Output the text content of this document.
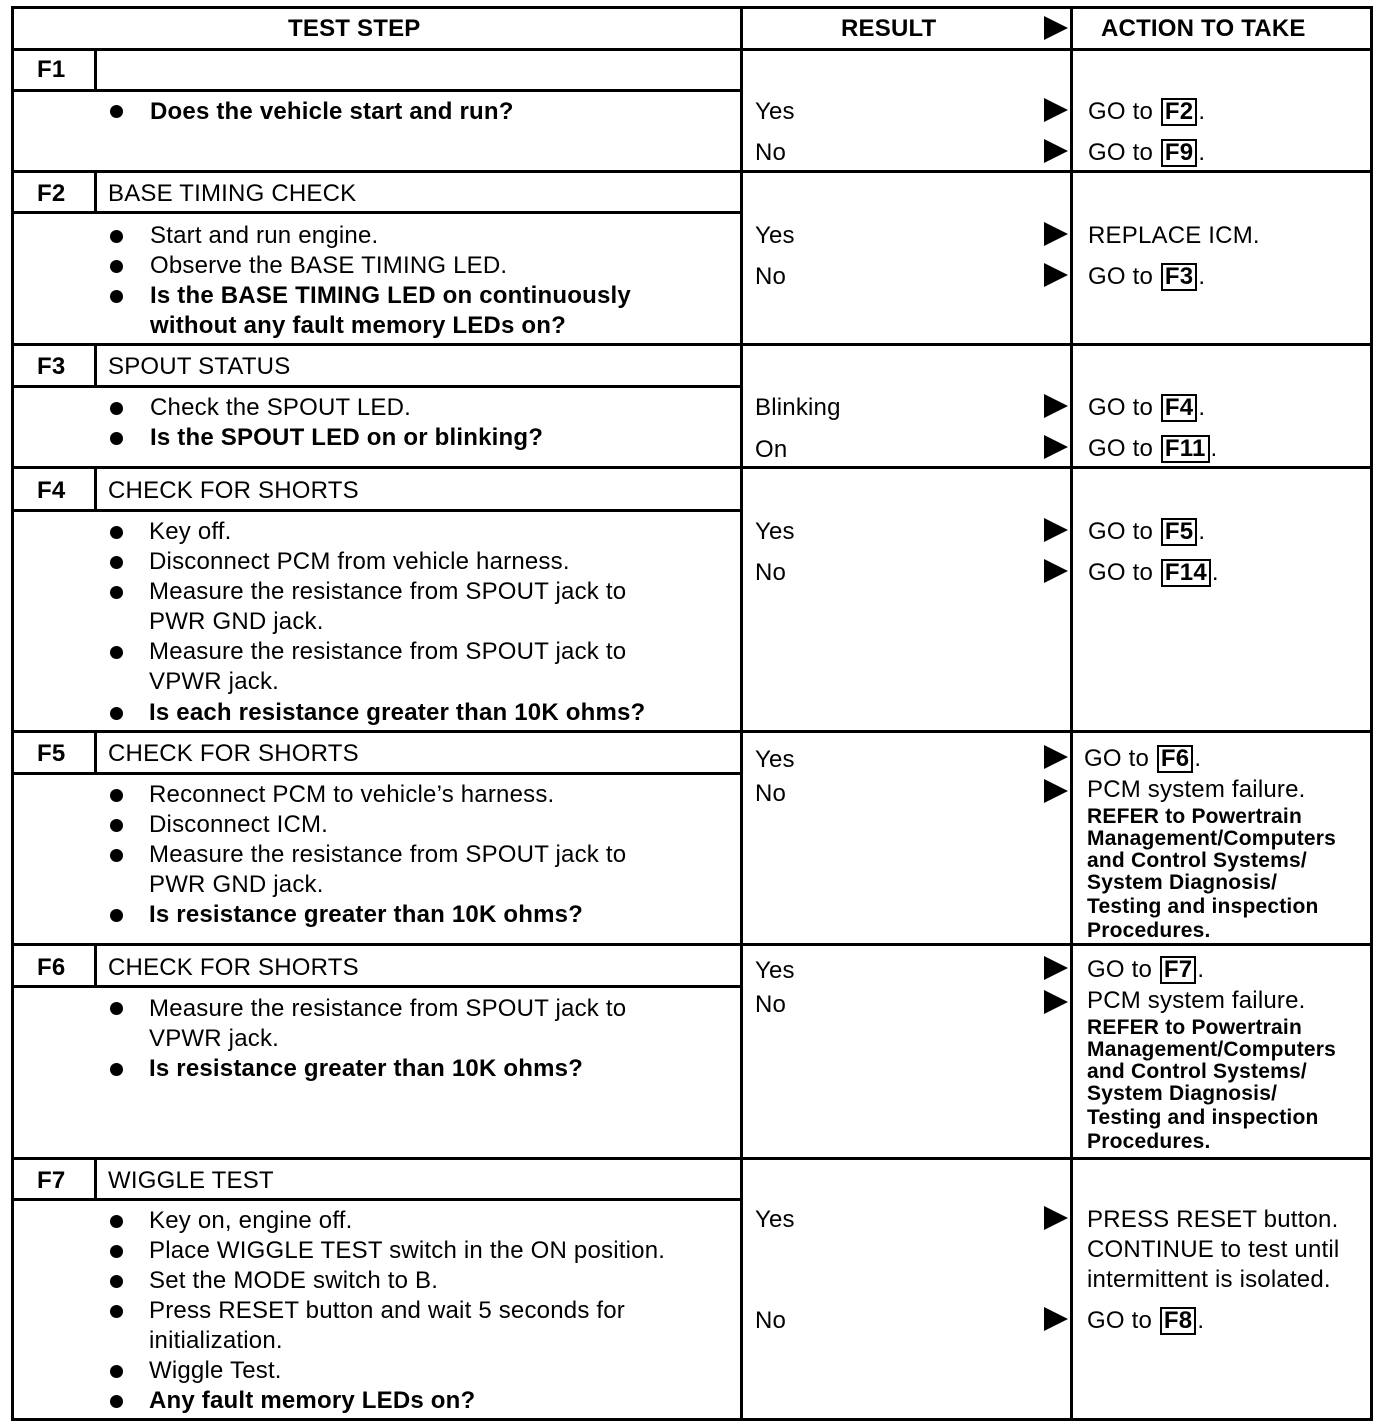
TEST STEP	RESULT	ACTION TO TAKE
F1
Does the vehicle start and run?	Yes	GO to F2 .
No	GO to F9 .
F2 BASE TIMING CHECK
Start and run engine.
Observe the BASE TIMING LED.
Is the BASE TIMING LED on continuously
without any fault memory LEDs on?
Yes	REPLACE ICM.
No	GO to F3 .
F3 SPOUT STATUS
Check the SPOUT LED.
Is the SPOUT LED on or blinking?
Blinking	GO to F4 .
On	GO to F11 .
F4 CHECK FOR SHORTS
Key off.
Disconnect PCM from vehicle harness.
Measure the resistance from SPOUT jack to
PWR GND jack.
Measure the resistance from SPOUT jack to
VPWR jack.
Is each resistance greater than 10K ohms?
Yes	GO to F5 .
No	GO to F14 .
F5 CHECK FOR SHORTS
Reconnect PCM to vehicle’s harness.
Disconnect ICM.
Measure the resistance from SPOUT jack to
PWR GND jack.
Is resistance greater than 10K ohms?
Yes	GO to F6 .
No	PCM system failure.
REFER to Powertrain
Management/Computers
and Control Systems/
System Diagnosis/
Testing and inspection
Procedures.
F6 CHECK FOR SHORTS
Measure the resistance from SPOUT jack to
VPWR jack.
Is resistance greater than 10K ohms?
Yes	GO to F7 .
No	PCM system failure.
REFER to Powertrain
Management/Computers
and Control Systems/
System Diagnosis/
Testing and inspection
Procedures.
F7 WIGGLE TEST
Key on, engine off.
Place WIGGLE TEST switch in the ON position.
Set the MODE switch to B.
Press RESET button and wait 5 seconds for
initialization.
Wiggle Test.
Any fault memory LEDs on?
Yes	PRESS RESET button.
CONTINUE to test until
intermittent is isolated.
No	GO to F8 .
